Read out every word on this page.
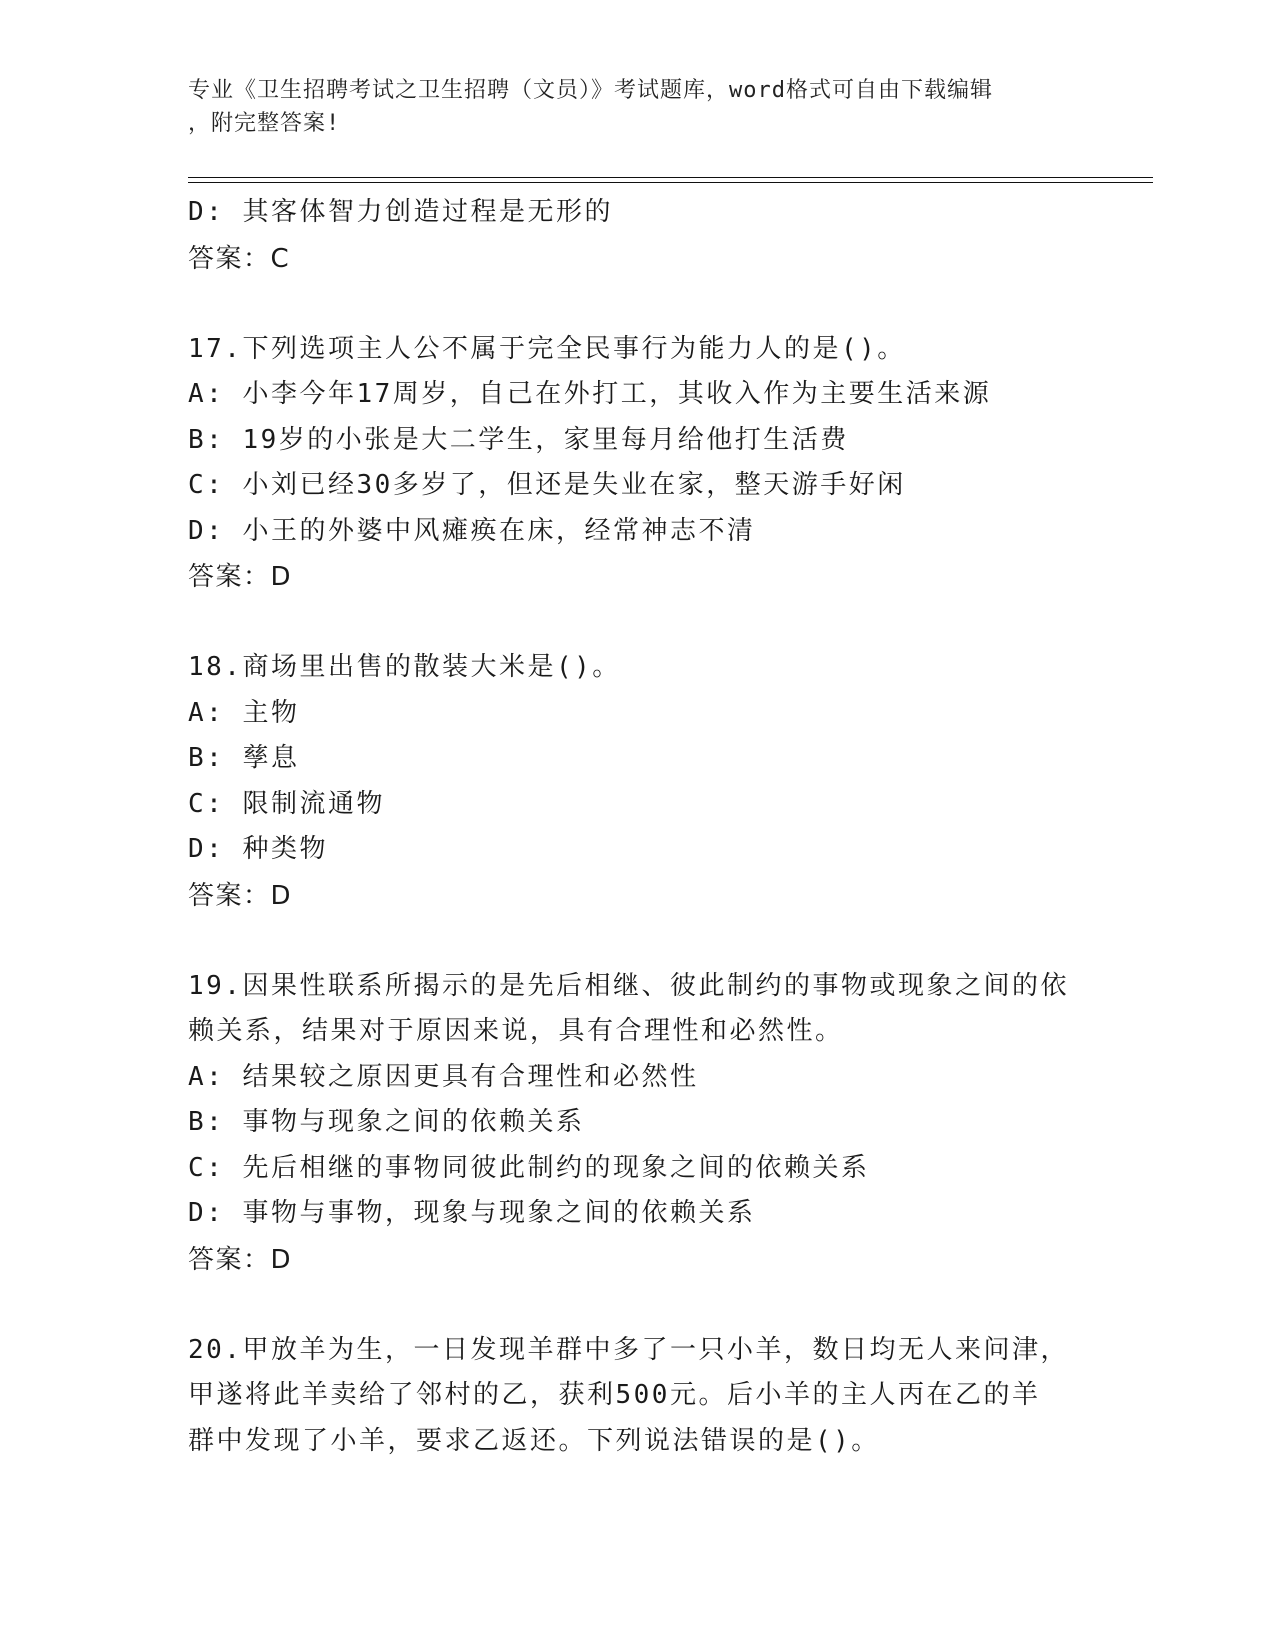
专业《卫生招聘考试之卫生招聘（文员）》考试题库，word格式可自由下载编辑
，附完整答案!
D: 其客体智力创造过程是无形的
答案：C
17.下列选项主人公不属于完全民事行为能力人的是()。
A: 小李今年17周岁，自己在外打工，其收入作为主要生活来源
B: 19岁的小张是大二学生，家里每月给他打生活费
C: 小刘已经30多岁了，但还是失业在家，整天游手好闲
D: 小王的外婆中风瘫痪在床，经常神志不清
答案：D
18.商场里出售的散装大米是()。
A: 主物
B: 孳息
C: 限制流通物
D: 种类物
答案：D
19.因果性联系所揭示的是先后相继、彼此制约的事物或现象之间的依
赖关系，结果对于原因来说，具有合理性和必然性。
A: 结果较之原因更具有合理性和必然性
B: 事物与现象之间的依赖关系
C: 先后相继的事物同彼此制约的现象之间的依赖关系
D: 事物与事物，现象与现象之间的依赖关系
答案：D
20.甲放羊为生，一日发现羊群中多了一只小羊，数日均无人来问津，
甲遂将此羊卖给了邻村的乙，获利500元。后小羊的主人丙在乙的羊
群中发现了小羊，要求乙返还。下列说法错误的是()。
